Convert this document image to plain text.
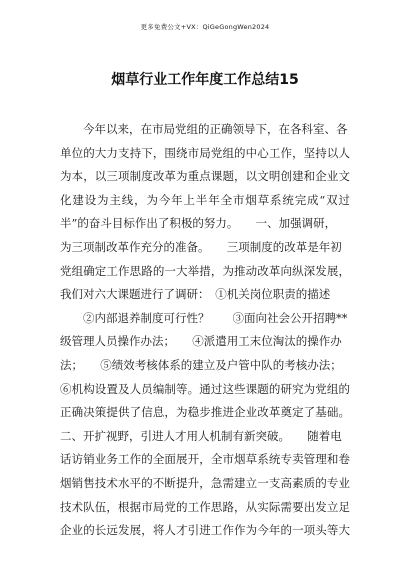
更多免费公文+VX：QiGeGongWen2024
烟草行业工作年度工作总结15
　　今年以来，在市局党组的正确领导下，在各科室、各
单位的大力支持下，围绕市局党组的中心工作，坚持以人
为本，以三项制度改革为重点课题，以文明创建和企业文
化建设为主线，为今年上半年全市烟草系统完成“双过
半”的奋斗目标作出了积极的努力。　　一、加强调研，
为三项制改革作充分的准备。　　三项制度的改革是年初
党组确定工作思路的一大举措，为推动改革向纵深发展，
我们对六大课题进行了调研：　①机关岗位职责的描述
　　②内部退养制度可行性？　　③面向社会公开招聘**
级管理人员操作办法；　　④派遣用工末位淘汰的操作办
法；　　⑤绩效考核体系的建立及户管中队的考核办法；
⑥机构设置及人员编制等。通过这些课题的研究为党组的
正确决策提供了信息，为稳步推进企业改革奠定了基础。
二、开扩视野，引进人才用人机制有新突破。　　随着电
话访销业务工作的全面展开，全市烟草系统专卖管理和卷
烟销售技术水平的不断提升，急需建立一支高素质的专业
技术队伍，根据市局党的工作思路，从实际需要出发立足
企业的长远发展，将人才引进工作作为今年的一项头等大
